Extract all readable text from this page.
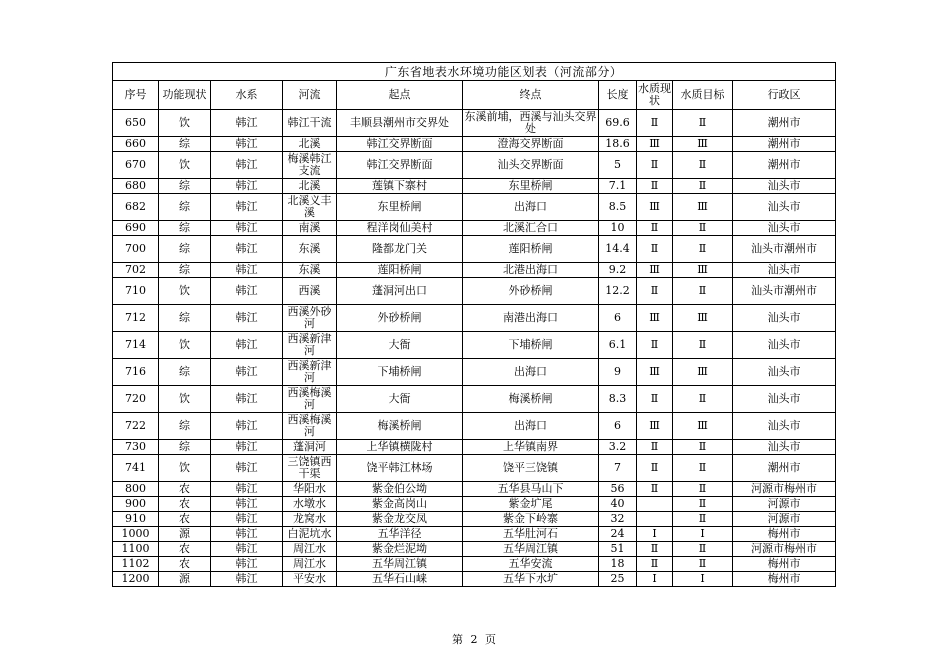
广东省地表水环境功能区划表（河流部分）									
序号	功能现状	水系	河流	起点	终点	长度	水质现状	水质目标	行政区
650	饮	韩江	韩江干流	丰顺县潮州市交界处	东溪前埔，西溪与汕头交界处	69.6	Ⅱ	Ⅱ	潮州市
660	综	韩江	北溪	韩江交界断面	澄海交界断面	18.6	Ⅲ	Ⅲ	潮州市
670	饮	韩江	梅溪韩江支流	韩江交界断面	汕头交界断面	5	Ⅱ	Ⅱ	潮州市
680	综	韩江	北溪	莲镇下寨村	东里桥闸	7.1	Ⅱ	Ⅱ	汕头市
682	综	韩江	北溪义丰溪	东里桥闸	出海口	8.5	Ⅲ	Ⅲ	汕头市
690	综	韩江	南溪	程洋岗仙美村	北溪汇合口	10	Ⅱ	Ⅱ	汕头市
700	综	韩江	东溪	隆都龙门关	莲阳桥闸	14.4	Ⅱ	Ⅱ	汕头市潮州市
702	综	韩江	东溪	莲阳桥闸	北港出海口	9.2	Ⅲ	Ⅲ	汕头市
710	饮	韩江	西溪	蓬洞河出口	外砂桥闸	12.2	Ⅱ	Ⅱ	汕头市潮州市
712	综	韩江	西溪外砂河	外砂桥闸	南港出海口	6	Ⅲ	Ⅲ	汕头市
714	饮	韩江	西溪新津河	大衙	下埔桥闸	6.1	Ⅱ	Ⅱ	汕头市
716	综	韩江	西溪新津河	下埔桥闸	出海口	9	Ⅲ	Ⅲ	汕头市
720	饮	韩江	西溪梅溪河	大衙	梅溪桥闸	8.3	Ⅱ	Ⅱ	汕头市
722	综	韩江	西溪梅溪河	梅溪桥闸	出海口	6	Ⅲ	Ⅲ	汕头市
730	综	韩江	蓬洞河	上华镇横陇村	上华镇南界	3.2	Ⅱ	Ⅱ	汕头市
741	饮	韩江	三饶镇西干渠	饶平韩江林场	饶平三饶镇	7	Ⅱ	Ⅱ	潮州市
800	农	韩江	华阳水	紫金伯公坳	五华县马山下	56	Ⅱ	Ⅱ	河源市梅州市
900	农	韩江	水墩水	紫金高岗山	紫金圹尾	40		Ⅱ	河源市
910	农	韩江	龙窝水	紫金龙交凤	紫金下岭寨	32		Ⅱ	河源市
1000	源	韩江	白泥坑水	五华洋径	五华肚河石	24	Ⅰ	Ⅰ	梅州市
1100	农	韩江	周江水	紫金烂泥坳	五华周江镇	51	Ⅱ	Ⅱ	河源市梅州市
1102	农	韩江	周江水	五华周江镇	五华安流	18	Ⅱ	Ⅱ	梅州市
1200	源	韩江	平安水	五华石山崃	五华下水圹	25	Ⅰ	Ⅰ	梅州市
第 2 页
